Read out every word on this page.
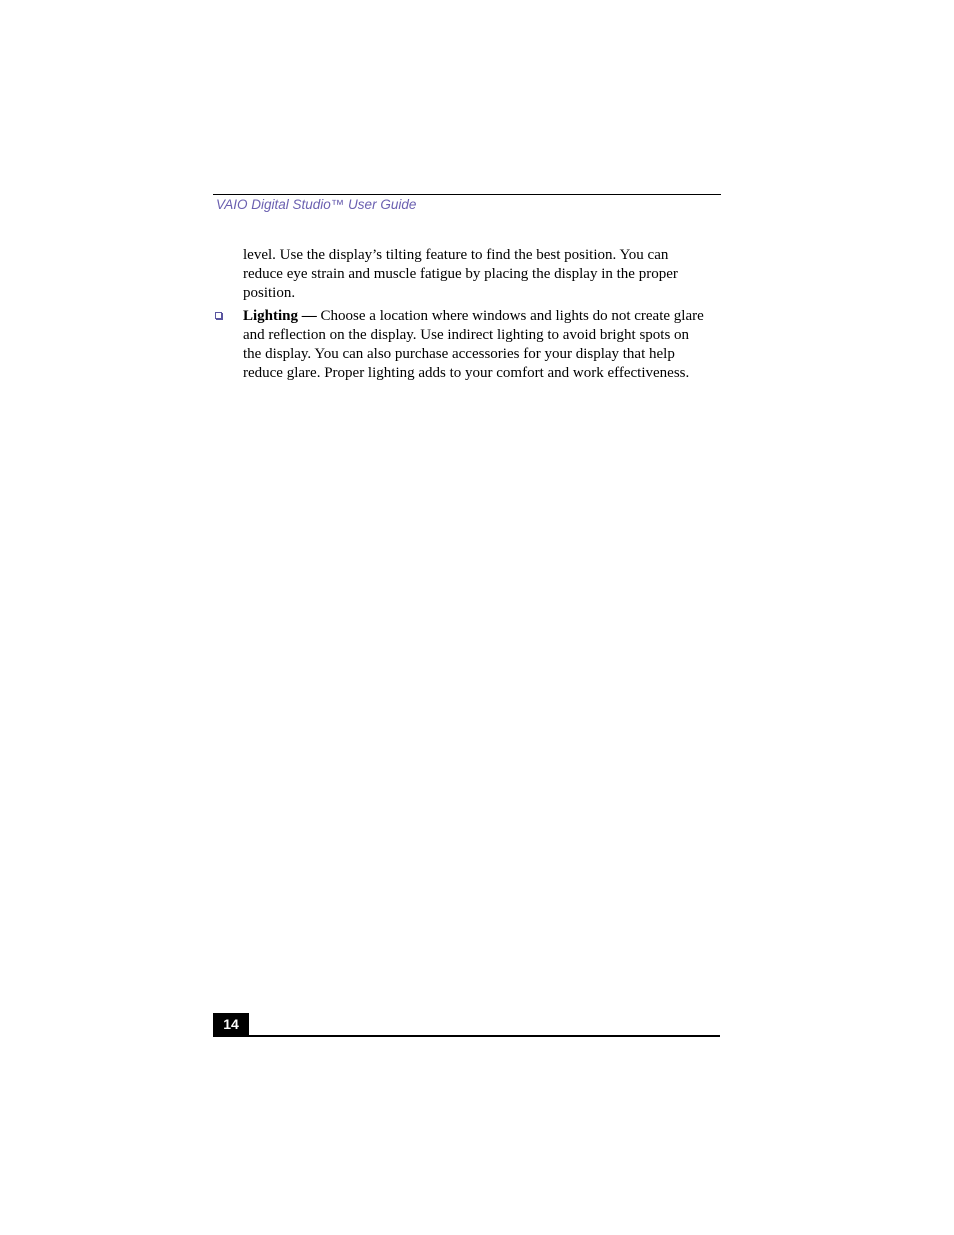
VAIO Digital Studio™ User Guide
level. Use the display’s tilting feature to find the best position. You can
reduce eye strain and muscle fatigue by placing the display in the proper
position.
Lighting — Choose a location where windows and lights do not create glare
and reflection on the display. Use indirect lighting to avoid bright spots on
the display. You can also purchase accessories for your display that help
reduce glare. Proper lighting adds to your comfort and work effectiveness.
14
